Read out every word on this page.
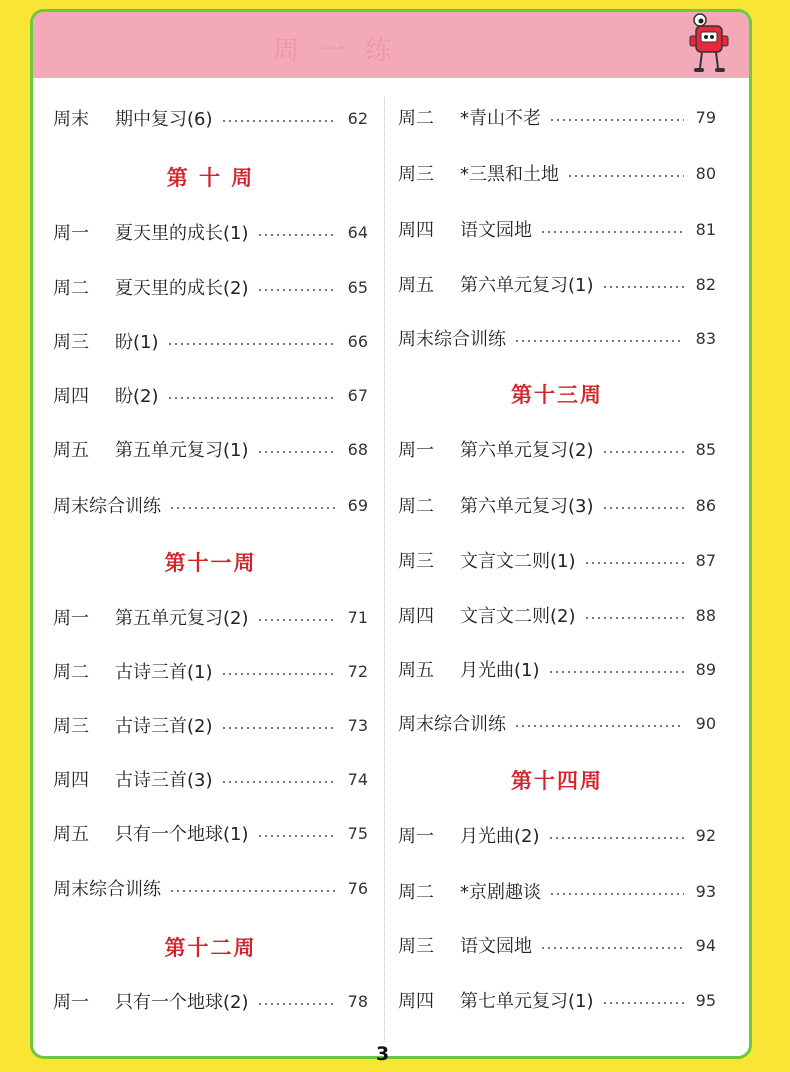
周 一 练
周末	期中复习(6)	62
第 十 周
周一	夏天里的成长(1)	64
周二	夏天里的成长(2)	65
周三	盼(1)	66
周四	盼(2)	67
周五	第五单元复习(1)	68
周末综合训练	69
第十一周
周一	第五单元复习(2)	71
周二	古诗三首(1)	72
周三	古诗三首(2)	73
周四	古诗三首(3)	74
周五	只有一个地球(1)	75
周末综合训练	76
第十二周
周一	只有一个地球(2)	78
周二	*青山不老	79
周三	*三黑和土地	80
周四	语文园地	81
周五	第六单元复习(1)	82
周末综合训练	83
第十三周
周一	第六单元复习(2)	85
周二	第六单元复习(3)	86
周三	文言文二则(1)	87
周四	文言文二则(2)	88
周五	月光曲(1)	89
周末综合训练	90
第十四周
周一	月光曲(2)	92
周二	*京剧趣谈	93
周三	语文园地	94
周四	第七单元复习(1)	95
3
